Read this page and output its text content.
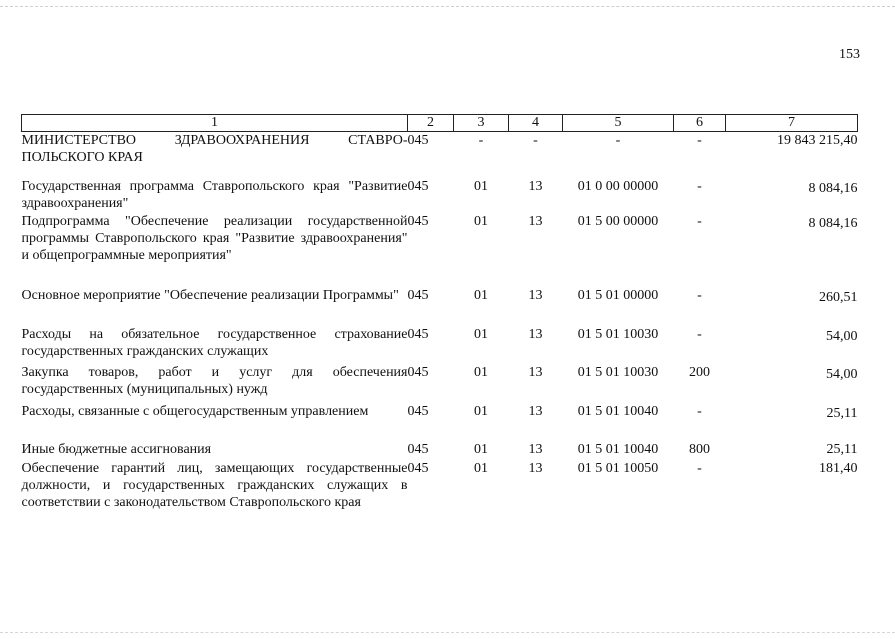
153
1	2	3	4	5	6	7
МИНИСТЕРСТВО ЗДРАВООХРАНЕНИЯ СТАВРО-ПОЛЬСКОГО КРАЯ	045	-	-	-	-	19 843 215,40
Государственная программа Ставропольского края "Развитие здравоохранения"	045	01	13	01 0 00 00000	-	8 084,16
Подпрограмма "Обеспечение реализации государственной программы Ставропольского края "Развитие здравоохранения" и общепрограммные мероприятия"	045	01	13	01 5 00 00000	-	8 084,16
Основное мероприятие "Обеспечение реализации Программы"	045	01	13	01 5 01 00000	-	260,51
Расходы на обязательное государственное страхование государственных гражданских служащих	045	01	13	01 5 01 10030	-	54,00
Закупка товаров, работ и услуг для обеспечения государственных (муниципальных) нужд	045	01	13	01 5 01 10030	200	54,00
Расходы, связанные с общегосударственным управлением	045	01	13	01 5 01 10040	-	25,11
Иные бюджетные ассигнования	045	01	13	01 5 01 10040	800	25,11
Обеспечение гарантий лиц, замещающих государственные должности, и государственных гражданских служащих в соответствии с законодательством Ставропольского края	045	01	13	01 5 01 10050	-	181,40
